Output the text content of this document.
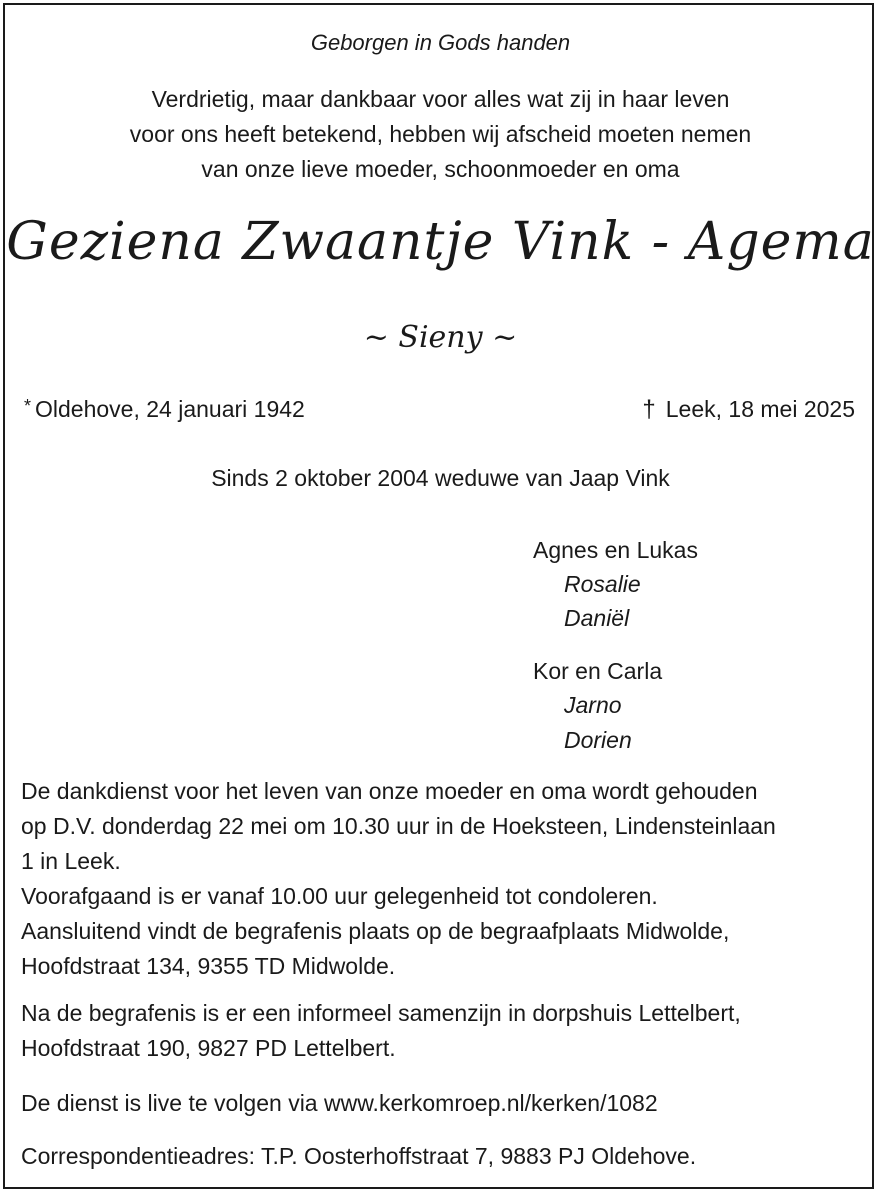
Geborgen in Gods handen
Verdrietig, maar dankbaar voor alles wat zij in haar leven
voor ons heeft betekend, hebben wij afscheid moeten nemen
van onze lieve moeder, schoonmoeder en oma
Geziena Zwaantje Vink - Agema
~ Sieny ~
* Oldehove, 24 januari 1942	† Leek, 18 mei 2025
Sinds 2 oktober 2004 weduwe van Jaap Vink
Agnes en Lukas
Rosalie
Daniël
Kor en Carla
Jarno
Dorien
De dankdienst voor het leven van onze moeder en oma wordt gehouden
op D.V. donderdag 22 mei om 10.30 uur in de Hoeksteen, Lindensteinlaan
1 in Leek.
Voorafgaand is er vanaf 10.00 uur gelegenheid tot condoleren.
Aansluitend vindt de begrafenis plaats op de begraafplaats Midwolde,
Hoofdstraat 134, 9355 TD Midwolde.
Na de begrafenis is er een informeel samenzijn in dorpshuis Lettelbert,
Hoofdstraat 190, 9827 PD Lettelbert.
De dienst is live te volgen via www.kerkomroep.nl/kerken/1082
Correspondentieadres: T.P. Oosterhoffstraat 7, 9883 PJ Oldehove.
